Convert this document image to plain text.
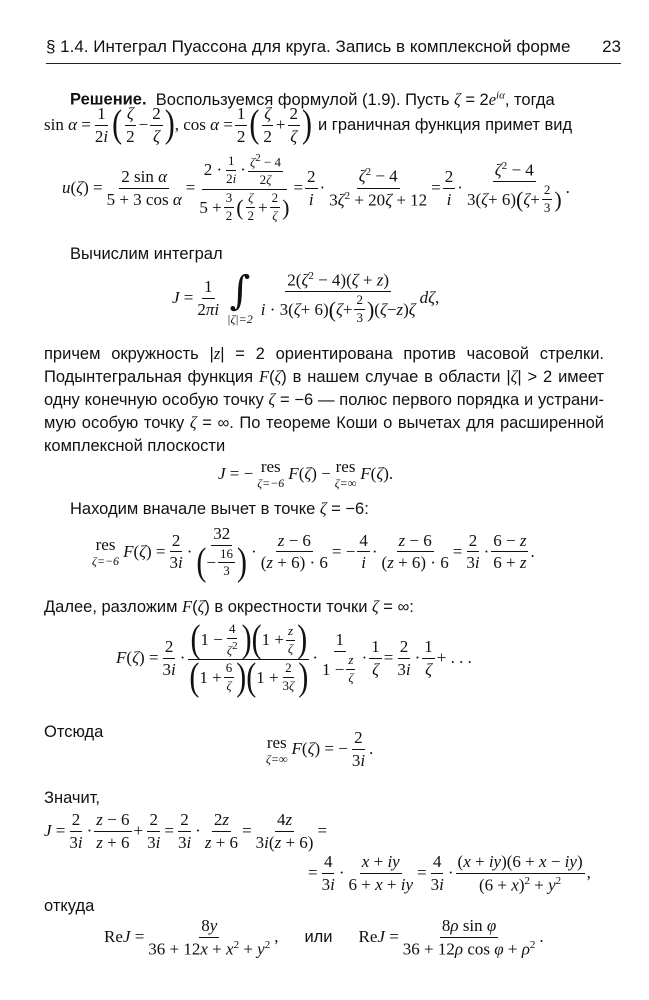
§ 1.4. Интеграл Пуассона для круга. Запись в комплексной форме 23
Решение.  Воспользуемся формулой (1.9). Пусть $\zeta = 2e^{i\alpha}$, тогда
$\sin \alpha = \frac{1}{2i}$ ( ζ
2
− $\frac{2}{\zeta}$ ) , $\cos \alpha = \frac{1}{2}$ ( ζ
2
+ $\frac{2}{\zeta}$ ) и граничная функция примет вид
u ( ζ ) = $\frac{\text{2 sin α}}{\text{5 + 3 cos α}} = 2$ ·
1
$2i \cdot \zeta^2 - 4$
2ζ
5 +
3
2 ( ζ
2 +
2
ζ ) = $\frac{2}{i} \cdot \frac{\zeta^2 - 4}{3\zeta^2 + 20\zeta + 12} = \frac{2}{i}$ ·
$\zeta^2 - 4$
3( ζ + 6) ( ζ +
2
3 ) .
Вычислим интеграл
$J = \frac{1}{2\pi i}$ ∫
|ζ|=2
$2(\zeta^2 - 4)(\zeta + z)$
i · 3( ζ + 6) ( ζ +
2
3 ) ( ζ − z ) ζ
dζ ,
причем окружность |z| = 2 ориентирована против часовой стрелки.
Подынтегральная функция F(ζ) в нашем случае в области |ζ| > 2 имеет
одну конечную особую точку ζ = −6 — полюс первого порядка и устрани-
мую особую точку ζ = ∞. По теореме Коши о вычетах для расширенной
комплексной плоскости
J = − res
ζ=−6
F ( ζ ) − res
ζ=∞
F ( ζ ).
Находим вначале вычет в точке ζ = −6:
res
ζ=−6
F ( ζ ) =
2
3i
·
32
( −
16
3 ) ·
z − 6
(z + 6) · 6
= −
4
i
·
z − 6
(z + 6) · 6
=
2
3i
·
6 − z
6 + z
.
Далее, разложим F(ζ) в окрестности точки ζ = ∞:
F ( ζ ) =
2
3i
· ( 1 −
4
$\zeta^2$ ) ( 1 +
z
ζ )
( 1 +
6
ζ ) ( 1 +
2
3ζ ) ·
1
1 −
z
ζ
·
1
ζ
=
2
3i
·
1
ζ
+ . . .
Отсюда
res
ζ=∞
F ( ζ ) = −
2
3i
.
Значит,
J =
2
3i
·
z − 6
z + 6
+
2
3i
=
2
3i
·
2z
z + 6
=
4z
3i(z + 6)
=
=
4
3i
·
x + iy
6 + x + iy
=
4
3i
·
(x + iy)(6 + x − iy)
$(6 + x)^2 + y^2$ ,
откуда
Re J =
8y
$36 + 12x + x^2 + y^2$ , или Re J =
8ρ sin φ
36 + 12ρ $\cos \varphi + \rho^2$ .
